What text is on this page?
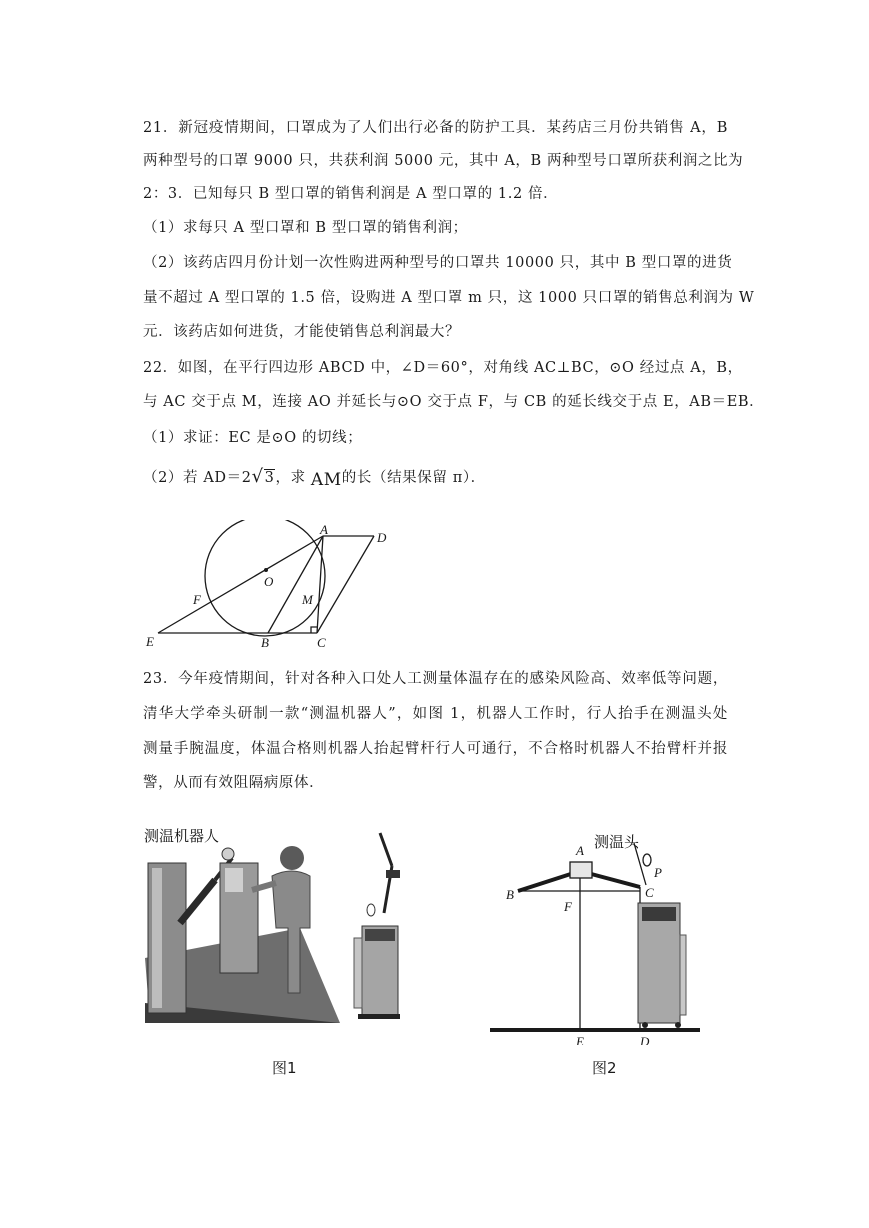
21．新冠疫情期间，口罩成为了人们出行必备的防护工具．某药店三月份共销售 A，B
两种型号的口罩 9000 只，共获利润 5000 元，其中 A，B 两种型号口罩所获利润之比为
2：3．已知每只 B 型口罩的销售利润是 A 型口罩的 1.2 倍．
（1）求每只 A 型口罩和 B 型口罩的销售利润；
（2）该药店四月份计划一次性购进两种型号的口罩共 10000 只，其中 B 型口罩的进货
量不超过 A 型口罩的 1.5 倍，设购进 A 型口罩 m 只，这 1000 只口罩的销售总利润为 W
元．该药店如何进货，才能使销售总利润最大？
22．如图，在平行四边形 ABCD 中，∠D＝60°，对角线 AC⊥BC，⊙O 经过点 A，B，
与 AC 交于点 M，连接 AO 并延长与⊙O 交于点 F，与 CB 的延长线交于点 E，AB＝EB．
（1）求证：EC 是⊙O 的切线；
（2）若 AD＝2√3，求 AM的长（结果保留 π）．
A
D
O
M
F
E	B	C
23．今年疫情期间，针对各种入口处人工测量体温存在的感染风险高、效率低等问题，
清华大学牵头研制一款“测温机器人”，如图 1，机器人工作时，行人抬手在测温头处
测量手腕温度，体温合格则机器人抬起臂杆行人可通行，不合格时机器人不抬臂杆并报
警，从而有效阻隔病原体．
测温机器人	测温头
A
P
B	C
F
E	D
图1	图2
